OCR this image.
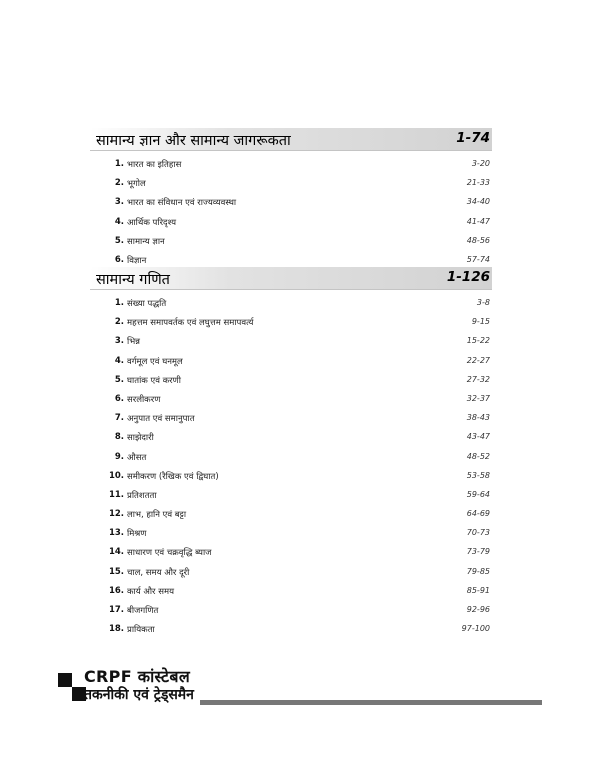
सामान्य ज्ञान और सामान्य जागरूकता	1-74
1. भारत का इतिहास	3-20
2. भूगोल	21-33
3. भारत का संविधान एवं राज्यव्यवस्था	34-40
4. आर्थिक परिदृश्य	41-47
5. सामान्य ज्ञान	48-56
6. विज्ञान	57-74
सामान्य गणित	1-126
1. संख्या पद्धति	3-8
2. महत्तम समापवर्तक एवं लघुत्तम समापवर्त्य	9-15
3. भिन्न	15-22
4. वर्गमूल एवं घनमूल	22-27
5. घातांक एवं करणी	27-32
6. सरलीकरण	32-37
7. अनुपात एवं समानुपात	38-43
8. साझेदारी	43-47
9. औसत	48-52
10. समीकरण (रैखिक एवं द्विघात)	53-58
11. प्रतिशतता	59-64
12. लाभ, हानि एवं बट्टा	64-69
13. मिश्रण	70-73
14. साधारण एवं चक्रवृद्धि ब्याज	73-79
15. चाल, समय और दूरी	79-85
16. कार्य और समय	85-91
17. बीजगणित	92-96
18. प्रायिकता	97-100
CRPF कांस्टेबल
तकनीकी एवं ट्रेड्समैन
